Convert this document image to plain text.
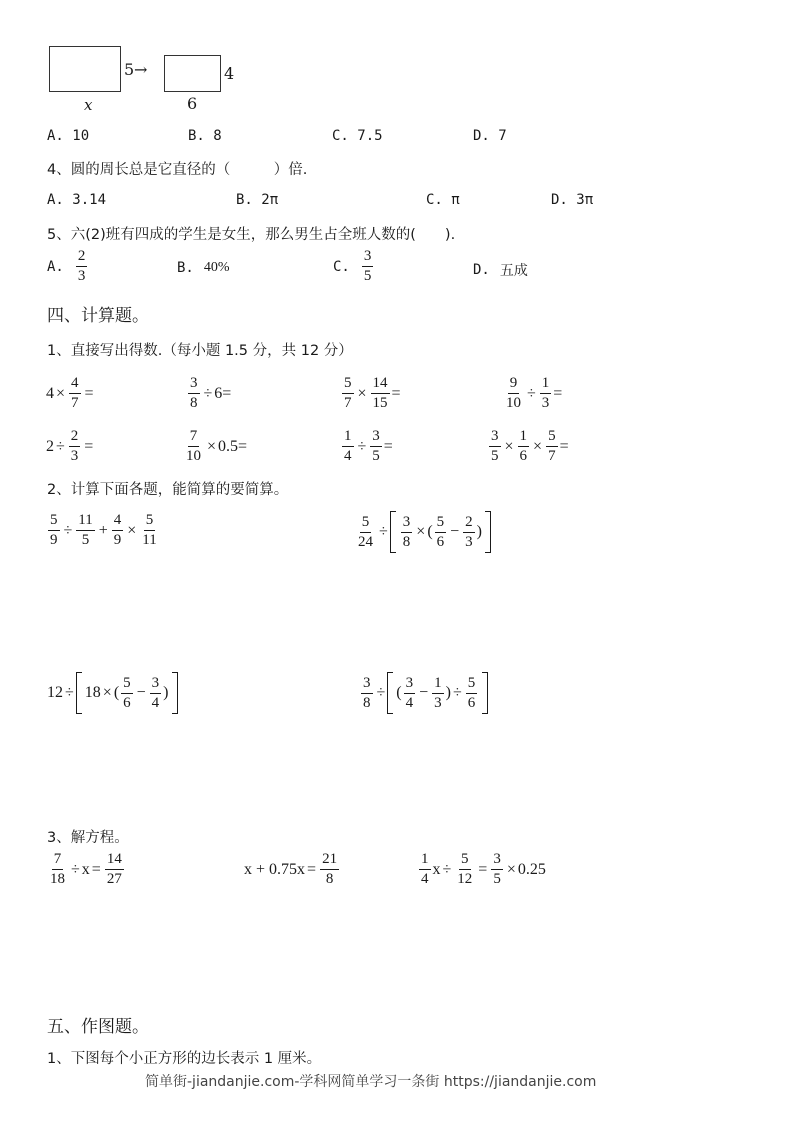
5 →
x
4
6
A. 10	B. 8	C. 7.5	D. 7
4、圆的周长总是它直径的（　　　）倍.
A. 3.14	B. 2π	C. π	D. 3π
5、六(2)班有四成的学生是女生，那么男生占全班人数的(　　).
A. $\frac{2}{3}$	B. 40%	C. $\frac{3}{5}$	D. 五成
四、计算题。
1、直接写出得数.（每小题 1.5 分，共 12 分）
$4 \times \frac{4}{7}$ =	$\frac{3}{8} \div 6$ =	$\frac{5}{7} \times \frac{14}{15}$ =	$\frac{9}{10} \div \frac{1}{3}$ =
$2 \div \frac{2}{3}$ =	$\frac{7}{10} \times 0.5$ =	$\frac{1}{4} \div \frac{3}{5}$ =	$\frac{3}{5} \times \frac{1}{6} \times \frac{5}{7}$ =
2、计算下面各题，能简算的要简算。
$\frac{5}{9} \div \frac{11}{5} + \frac{4}{9} \times \frac{5}{11}$	$\frac{5}{24} \div \frac{3}{8}$ × ( $\frac{5}{6} - \frac{2}{3}$ )
12 ÷ 18 × ( $\frac{5}{6} - \frac{3}{4}$ )	$\frac{3}{8}$ ÷ ( $\frac{3}{4} - \frac{1}{3}$ ) ÷ $\frac{5}{6}$
3、解方程。
$\frac{7}{18} \div x = \frac{14}{27}$	$x + 0.75x = \frac{21}{8}$	$\frac{1}{4}$ $x \div \frac{5}{12} = \frac{3}{5} \times 0.25$
五、作图题。
1、下图每个小正方形的边长表示 1 厘米。
简单街-jiandanjie.com-学科网简单学习一条街 https://jiandanjie.com
